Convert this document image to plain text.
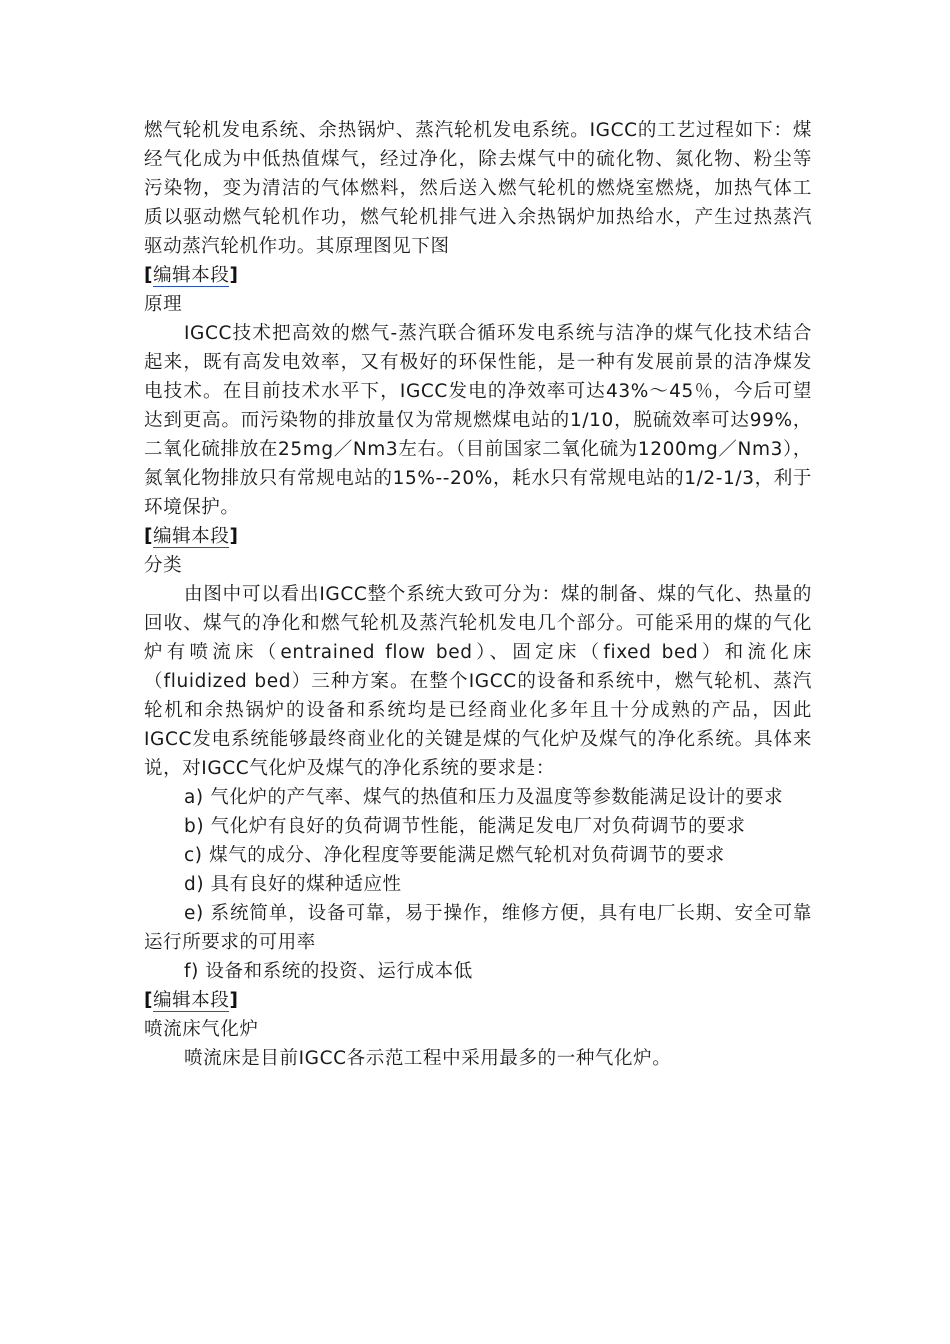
燃气轮机发电系统、余热锅炉、蒸汽轮机发电系统。IGCC的工艺过程如下：煤经气化成为中低热值煤气，经过净化，除去煤气中的硫化物、氮化物、粉尘等污染物，变为清洁的气体燃料，然后送入燃气轮机的燃烧室燃烧，加热气体工质以驱动燃气轮机作功，燃气轮机排气进入余热锅炉加热给水，产生过热蒸汽驱动蒸汽轮机作功。其原理图见下图

[编辑本段]

原理

IGCC技术把高效的燃气-蒸汽联合循环发电系统与洁净的煤气化技术结合起来，既有高发电效率，又有极好的环保性能，是一种有发展前景的洁净煤发电技术。在目前技术水平下，IGCC发电的净效率可达43%～45％，今后可望达到更高。而污染物的排放量仅为常规燃煤电站的1/10，脱硫效率可达99%，二氧化硫排放在25mg／Nm3左右。（目前国家二氧化硫为1200mg／Nm3），氮氧化物排放只有常规电站的15%--20%，耗水只有常规电站的1/2-1/3，利于环境保护。

[编辑本段]

分类

由图中可以看出IGCC整个系统大致可分为：煤的制备、煤的气化、热量的回收、煤气的净化和燃气轮机及蒸汽轮机发电几个部分。可能采用的煤的气化炉有喷流床（entrained flow bed）、固定床（fixed bed）和流化床（fluidized bed）三种方案。在整个IGCC的设备和系统中，燃气轮机、蒸汽轮机和余热锅炉的设备和系统均是已经商业化多年且十分成熟的产品，因此IGCC发电系统能够最终商业化的关键是煤的气化炉及煤气的净化系统。具体来说，对IGCC气化炉及煤气的净化系统的要求是：

a) 气化炉的产气率、煤气的热值和压力及温度等参数能满足设计的要求

b) 气化炉有良好的负荷调节性能，能满足发电厂对负荷调节的要求

c) 煤气的成分、净化程度等要能满足燃气轮机对负荷调节的要求

d) 具有良好的煤种适应性

e) 系统简单，设备可靠，易于操作，维修方便，具有电厂长期、安全可靠运行所要求的可用率

f) 设备和系统的投资、运行成本低

[编辑本段]

喷流床气化炉

喷流床是目前IGCC各示范工程中采用最多的一种气化炉。
